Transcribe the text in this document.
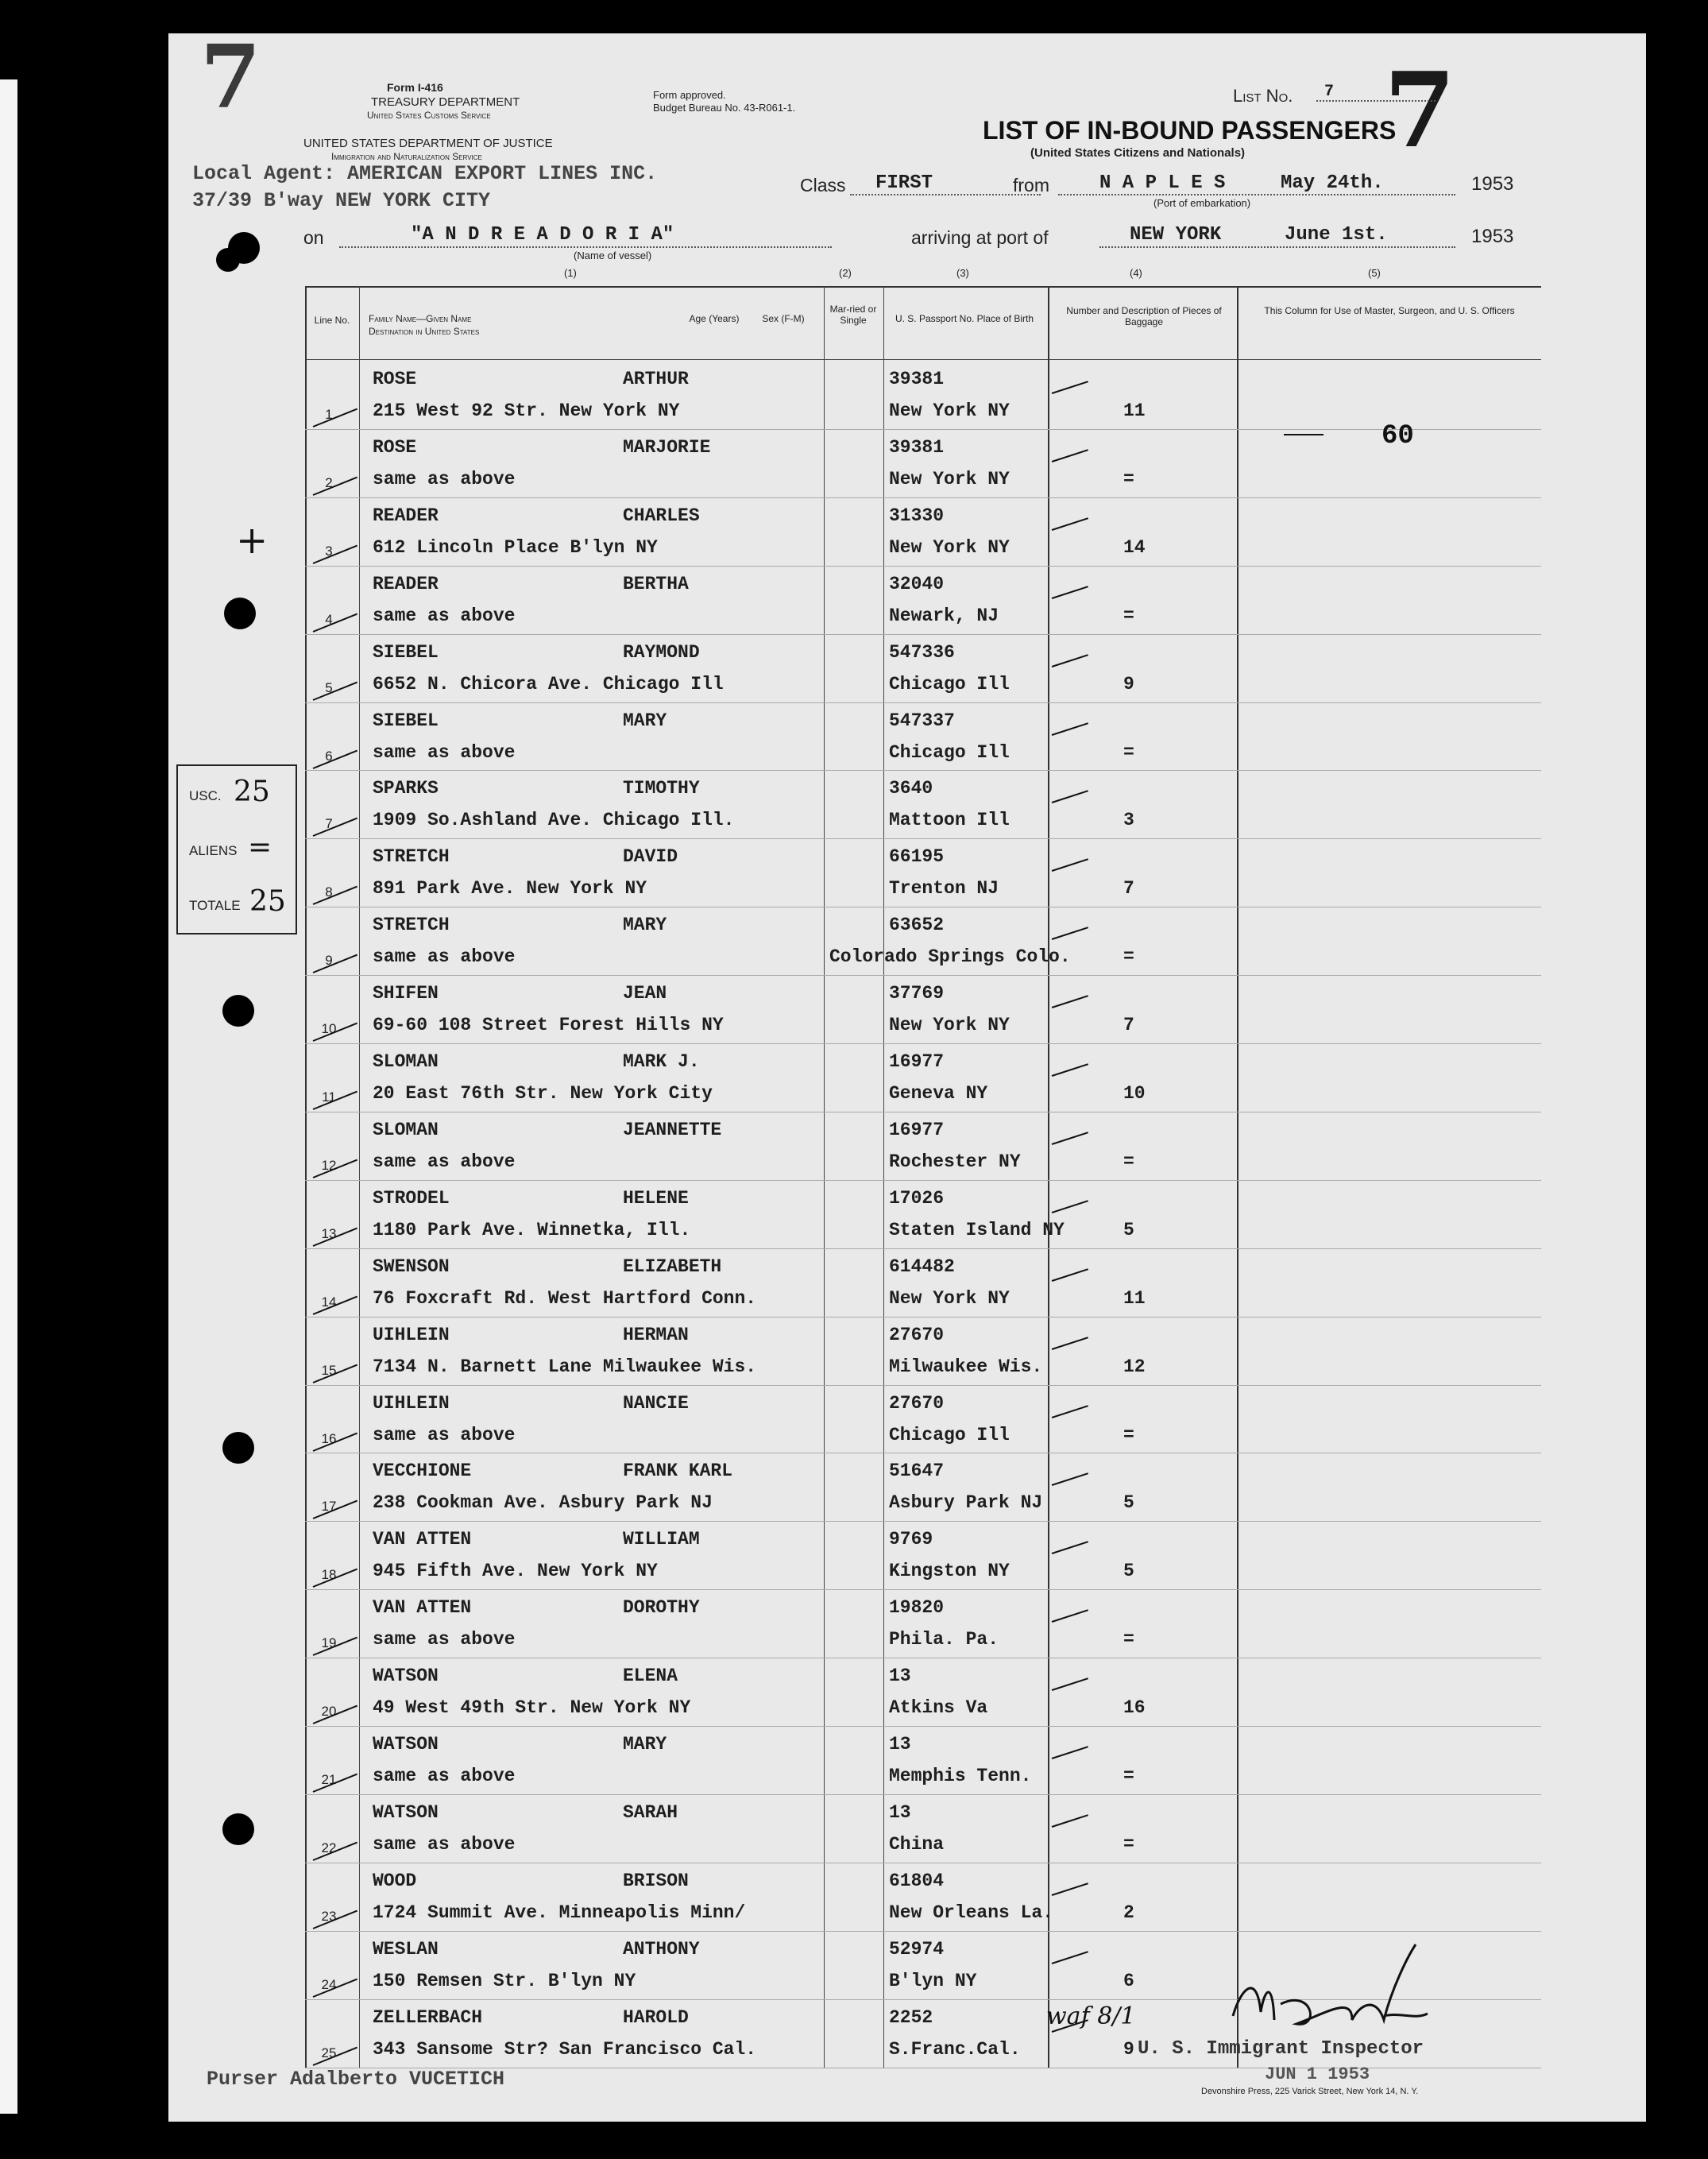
7	7
Form I-416
TREASURY DEPARTMENT
United States Customs Service
UNITED STATES DEPARTMENT OF JUSTICE
Immigration and Naturalization Service
Form approved.
Budget Bureau No. 43-R061-1.
List No. 7
LIST OF IN-BOUND PASSENGERS
(United States Citizens and Nationals)
Local Agent: AMERICAN EXPORT LINES INC.
37/39 B'way NEW YORK CITY
Class FIRST	from	N A P L E S	May 24th.	1953
(Port of embarkation)
on	"A N D R E A D O R I A"
(Name of vessel)
arriving at port of	NEW YORK	June 1st.	1953
(1)	(2)	(3)	(4)	(5)
Line No.	Family Name—Given Name
Destination in United States
Age (Years) Sex (F-M)
Mar-ried or Single	U. S. Passport No. Place of Birth
Number and Description of Pieces of Baggage
This Column for Use of Master, Surgeon, and U. S. Officers
1
ROSE	ARTHUR
215 West 92 Str. New York NY
39381
New York NY	11
2
ROSE	MARJORIE
same as above
39381
New York NY	=
3
READER	CHARLES
612 Lincoln Place B'lyn NY
31330
New York NY	14
4
READER	BERTHA
same as above
32040
Newark, NJ	=
5
SIEBEL	RAYMOND
6652 N. Chicora Ave. Chicago Ill
547336
Chicago Ill	9
6
SIEBEL	MARY
same as above
547337
Chicago Ill	=
7
SPARKS	TIMOTHY
1909 So.Ashland Ave. Chicago Ill.
3640
Mattoon Ill	3
8
STRETCH	DAVID
891 Park Ave. New York NY
66195
Trenton NJ	7
9
STRETCH	MARY
same as above
63652
Colorado Springs Colo.	=
10
SHIFEN	JEAN
69-60 108 Street Forest Hills NY
37769
New York NY	7
11
SLOMAN	MARK J.
20 East 76th Str. New York City
16977
Geneva NY	10
12
SLOMAN	JEANNETTE
same as above
16977
Rochester NY	=
13
STRODEL	HELENE
1180 Park Ave. Winnetka, Ill.
17026
Staten Island NY	5
14
SWENSON	ELIZABETH
76 Foxcraft Rd. West Hartford Conn.
614482
New York NY	11
15
UIHLEIN	HERMAN
7134 N. Barnett Lane Milwaukee Wis.
27670
Milwaukee Wis.	12
16
UIHLEIN	NANCIE
same as above
27670
Chicago Ill	=
17
VECCHIONE	FRANK KARL
238 Cookman Ave. Asbury Park NJ
51647
Asbury Park NJ	5
18
VAN ATTEN	WILLIAM
945 Fifth Ave. New York NY
9769
Kingston NY	5
19
VAN ATTEN	DOROTHY
same as above
19820
Phila. Pa.	=
20
WATSON	ELENA
49 West 49th Str. New York NY
13
Atkins Va	16
21
WATSON	MARY
same as above
13
Memphis Tenn.	=
22
WATSON	SARAH
same as above
13
China	=
23
WOOD	BRISON
1724 Summit Ave. Minneapolis Minn/
61804
New Orleans La.	2
24
WESLAN	ANTHONY
150 Remsen Str. B'lyn NY
52974
B'lyn NY	6
25
ZELLERBACH	HAROLD
343 Sansome Str? San Francisco Cal.
2252
S.Franc.Cal.	9
60
USC. 25
ALIENS =
TOTALE 25
+
Purser Adalberto VUCETICH
U. S. Immigrant Inspector
JUN 1 1953
Devonshire Press, 225 Varick Street, New York 14, N. Y.
waf 8/1
